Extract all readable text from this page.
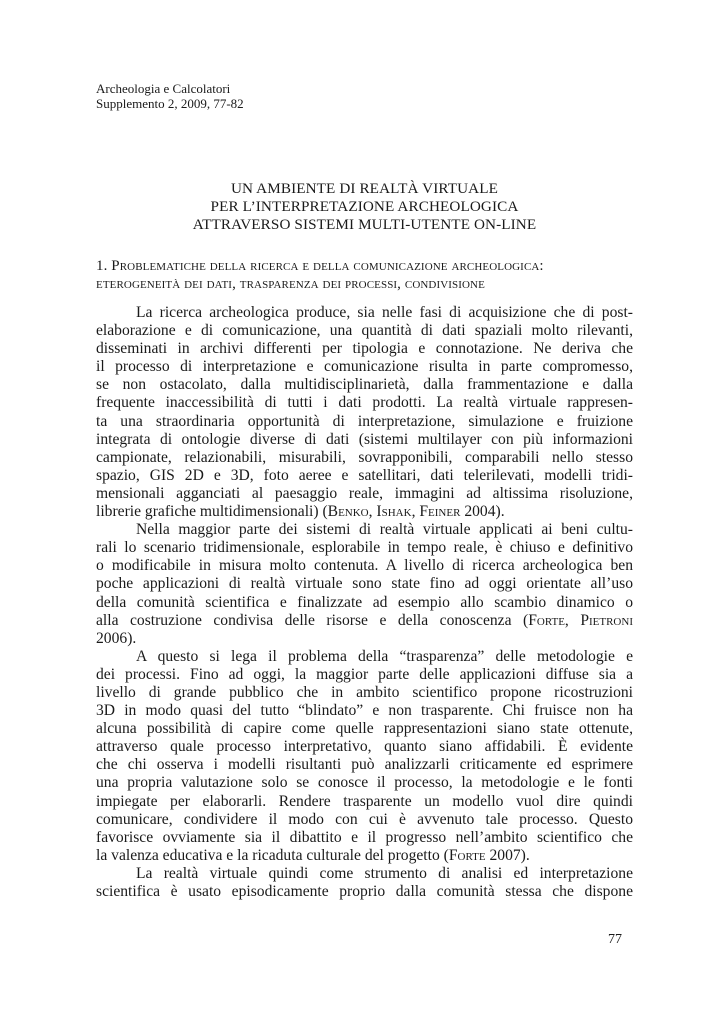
Archeologia e Calcolatori
Supplemento 2, 2009, 77-82
UN AMBIENTE DI REALTÀ VIRTUALE
PER L’INTERPRETAZIONE ARCHEOLOGICA
ATTRAVERSO SISTEMI MULTI-UTENTE ON-LINE
1. Problematiche della ricerca e della comunicazione archeologica:
eterogeneità dei dati, trasparenza dei processi, condivisione
La ricerca archeologica produce, sia nelle fasi di acquisizione che di post-
elaborazione e di comunicazione, una quantità di dati spaziali molto rilevanti,
disseminati in archivi differenti per tipologia e connotazione. Ne deriva che
il processo di interpretazione e comunicazione risulta in parte compromesso,
se non ostacolato, dalla multidisciplinarietà, dalla frammentazione e dalla
frequente inaccessibilità di tutti i dati prodotti. La realtà virtuale rappresen-
ta una straordinaria opportunità di interpretazione, simulazione e fruizione
integrata di ontologie diverse di dati (sistemi multilayer con più informazioni
campionate, relazionabili, misurabili, sovrapponibili, comparabili nello stesso
spazio, GIS 2D e 3D, foto aeree e satellitari, dati telerilevati, modelli tridi-
mensionali agganciati al paesaggio reale, immagini ad altissima risoluzione,
librerie grafiche multidimensionali) (Benko, Ishak, Feiner 2004).
Nella maggior parte dei sistemi di realtà virtuale applicati ai beni cultu-
rali lo scenario tridimensionale, esplorabile in tempo reale, è chiuso e definitivo
o modificabile in misura molto contenuta. A livello di ricerca archeologica ben
poche applicazioni di realtà virtuale sono state fino ad oggi orientate all’uso
della comunità scientifica e finalizzate ad esempio allo scambio dinamico o
alla costruzione condivisa delle risorse e della conoscenza (Forte, Pietroni
2006).
A questo si lega il problema della “trasparenza” delle metodologie e
dei processi. Fino ad oggi, la maggior parte delle applicazioni diffuse sia a
livello di grande pubblico che in ambito scientifico propone ricostruzioni
3D in modo quasi del tutto “blindato” e non trasparente. Chi fruisce non ha
alcuna possibilità di capire come quelle rappresentazioni siano state ottenute,
attraverso quale processo interpretativo, quanto siano affidabili. È evidente
che chi osserva i modelli risultanti può analizzarli criticamente ed esprimere
una propria valutazione solo se conosce il processo, la metodologie e le fonti
impiegate per elaborarli. Rendere trasparente un modello vuol dire quindi
comunicare, condividere il modo con cui è avvenuto tale processo. Questo
favorisce ovviamente sia il dibattito e il progresso nell’ambito scientifico che
la valenza educativa e la ricaduta culturale del progetto (Forte 2007).
La realtà virtuale quindi come strumento di analisi ed interpretazione
scientifica è usato episodicamente proprio dalla comunità stessa che dispone
77
